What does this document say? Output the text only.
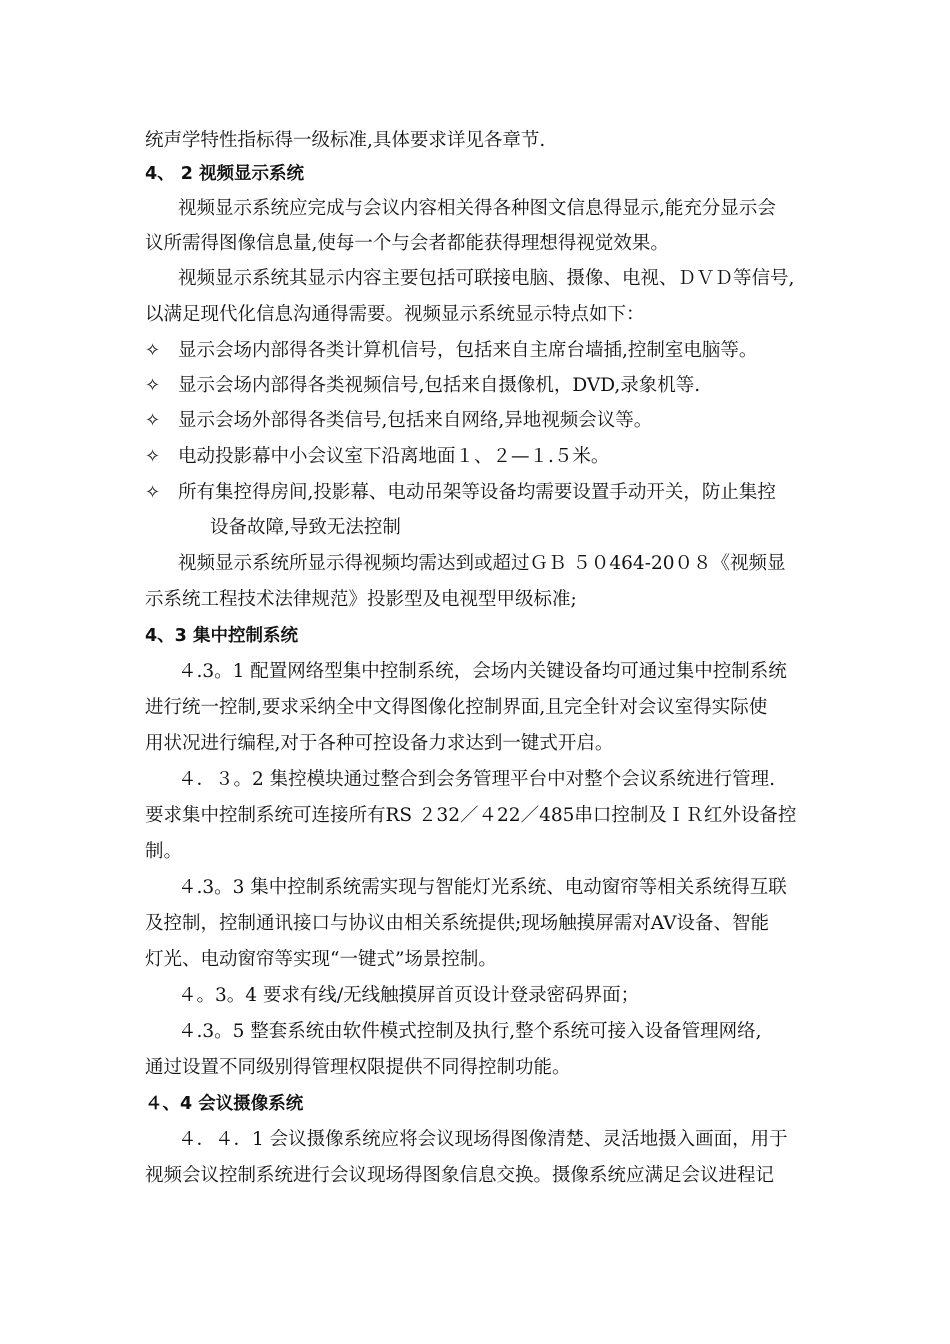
统声学特性指标得一级标准,具体要求详见各章节.
4、 2 视频显示系统
视频显示系统应完成与会议内容相关得各种图文信息得显示,能充分显示会
议所需得图像信息量,使每一个与会者都能获得理想得视觉效果。
视频显示系统其显示内容主要包括可联接电脑、摄像、电视、ＤＶＤ等信号,
以满足现代化信息沟通得需要。视频显示系统显示特点如下：
✧ 显示会场内部得各类计算机信号，包括来自主席台墙插,控制室电脑等。
✧ 显示会场内部得各类视频信号,包括来自摄像机，DVD,录象机等.
✧ 显示会场外部得各类信号,包括来自网络,异地视频会议等。
✧ 电动投影幕中小会议室下沿离地面１、２—１.５米。
✧ 所有集控得房间,投影幕、电动吊架等设备均需要设置手动开关，防止集控
设备故障,导致无法控制
视频显示系统所显示得视频均需达到或超过ＧＢ ５０464-20０８《视频显
示系统工程技术法律规范》投影型及电视型甲级标准;
4、3 集中控制系统
４.3。1 配置网络型集中控制系统，会场内关键设备均可通过集中控制系统
进行统一控制,要求采纳全中文得图像化控制界面,且完全针对会议室得实际使
用状况进行编程,对于各种可控设备力求达到一键式开启。
４．３。2 集控模块通过整合到会务管理平台中对整个会议系统进行管理.
要求集中控制系统可连接所有RS ２32／４22／485串口控制及ＩＲ红外设备控
制。
４.3。3 集中控制系统需实现与智能灯光系统、电动窗帘等相关系统得互联
及控制，控制通讯接口与协议由相关系统提供;现场触摸屏需对AV设备、智能
灯光、电动窗帘等实现“一键式”场景控制。
４。3。4 要求有线/无线触摸屏首页设计登录密码界面；
４.3。5 整套系统由软件模式控制及执行,整个系统可接入设备管理网络,
通过设置不同级别得管理权限提供不同得控制功能。
４、4 会议摄像系统
４．４．1 会议摄像系统应将会议现场得图像清楚、灵活地摄入画面，用于
视频会议控制系统进行会议现场得图象信息交换。摄像系统应满足会议进程记
